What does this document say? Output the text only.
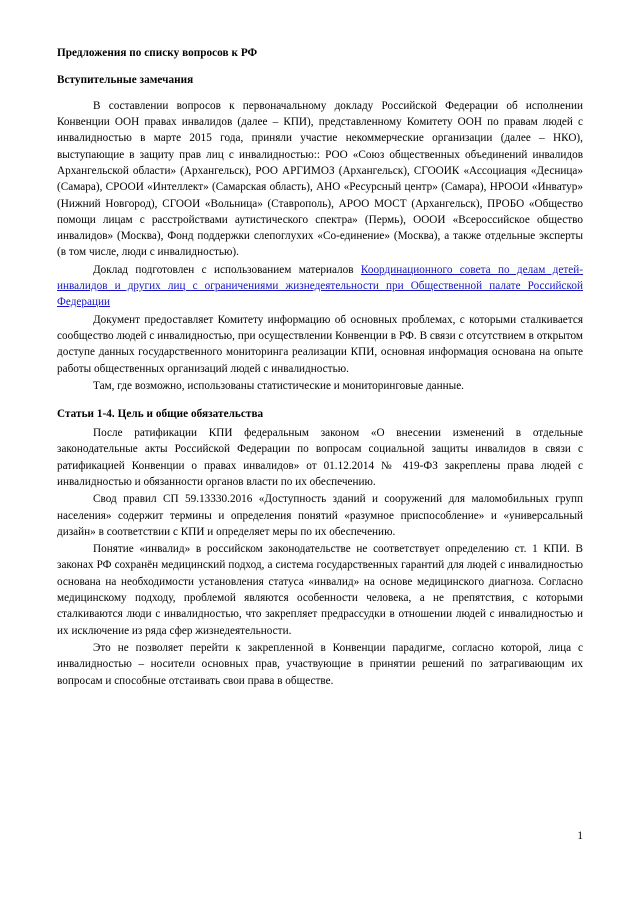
Предложения по списку вопросов к РФ
Вступительные замечания

В составлении вопросов к первоначальному докладу Российской Федерации об исполнении Конвенции ООН правах инвалидов (далее – КПИ), представленному Комитету ООН по правам людей с инвалидностью в марте 2015 года, приняли участие некоммерческие организации (далее – НКО), выступающие в защиту прав лиц с инвалидностью:: РОО «Союз общественных объединений инвалидов Архангельской области» (Архангельск), РОО АРГИМОЗ (Архангельск), СГООИК «Ассоциация «Десница» (Самара), СРООИ «Интеллект» (Самарская область), АНО «Ресурсный центр» (Самара), НРООИ «Инватур» (Нижний Новгород), СГООИ «Вольница» (Ставрополь), АРОО МОСТ (Архангельск), ПРОБО «Общество помощи лицам с расстройствами аутистического спектра» (Пермь), ОООИ «Всероссийское общество инвалидов» (Москва), Фонд поддержки слепоглухих «Со-единение» (Москва), а также отдельные эксперты (в том числе, люди с инвалидностью).

Доклад подготовлен с использованием материалов Координационного совета по делам детей-инвалидов и других лиц с ограничениями жизнедеятельности при Общественной палате Российской Федерации

Документ предоставляет Комитету информацию об основных проблемах, с которыми сталкивается сообщество людей с инвалидностью, при осуществлении Конвенции в РФ. В связи с отсутствием в открытом доступе данных государственного мониторинга реализации КПИ, основная информация основана на опыте работы общественных организаций людей с инвалидностью.

Там, где возможно, использованы статистические и мониторинговые данные.

Статьи 1-4. Цель и общие обязательства

После ратификации КПИ федеральным законом «О внесении изменений в отдельные законодательные акты Российской Федерации по вопросам социальной защиты инвалидов в связи с ратификацией Конвенции о правах инвалидов» от 01.12.2014 № 419-ФЗ закреплены права людей с инвалидностью и обязанности органов власти по их обеспечению.

Свод правил СП 59.13330.2016 «Доступность зданий и сооружений для маломобильных групп населения» содержит термины и определения понятий «разумное приспособление» и «универсальный дизайн» в соответствии с КПИ и определяет меры по их обеспечению.

Понятие «инвалид» в российском законодательстве не соответствует определению ст. 1 КПИ. В законах РФ сохранён медицинский подход, а система государственных гарантий для людей с инвалидностью основана на необходимости установления статуса «инвалид» на основе медицинского диагноза. Согласно медицинскому подходу, проблемой являются особенности человека, а не препятствия, с которыми сталкиваются люди с инвалидностью, что закрепляет предрассудки в отношении людей с инвалидностью и их исключение из ряда сфер жизнедеятельности.

Это не позволяет перейти к закрепленной в Конвенции парадигме, согласно которой, лица с инвалидностью – носители основных прав, участвующие в принятии решений по затрагивающим их вопросам и способные отстаивать свои права в обществе.

1
